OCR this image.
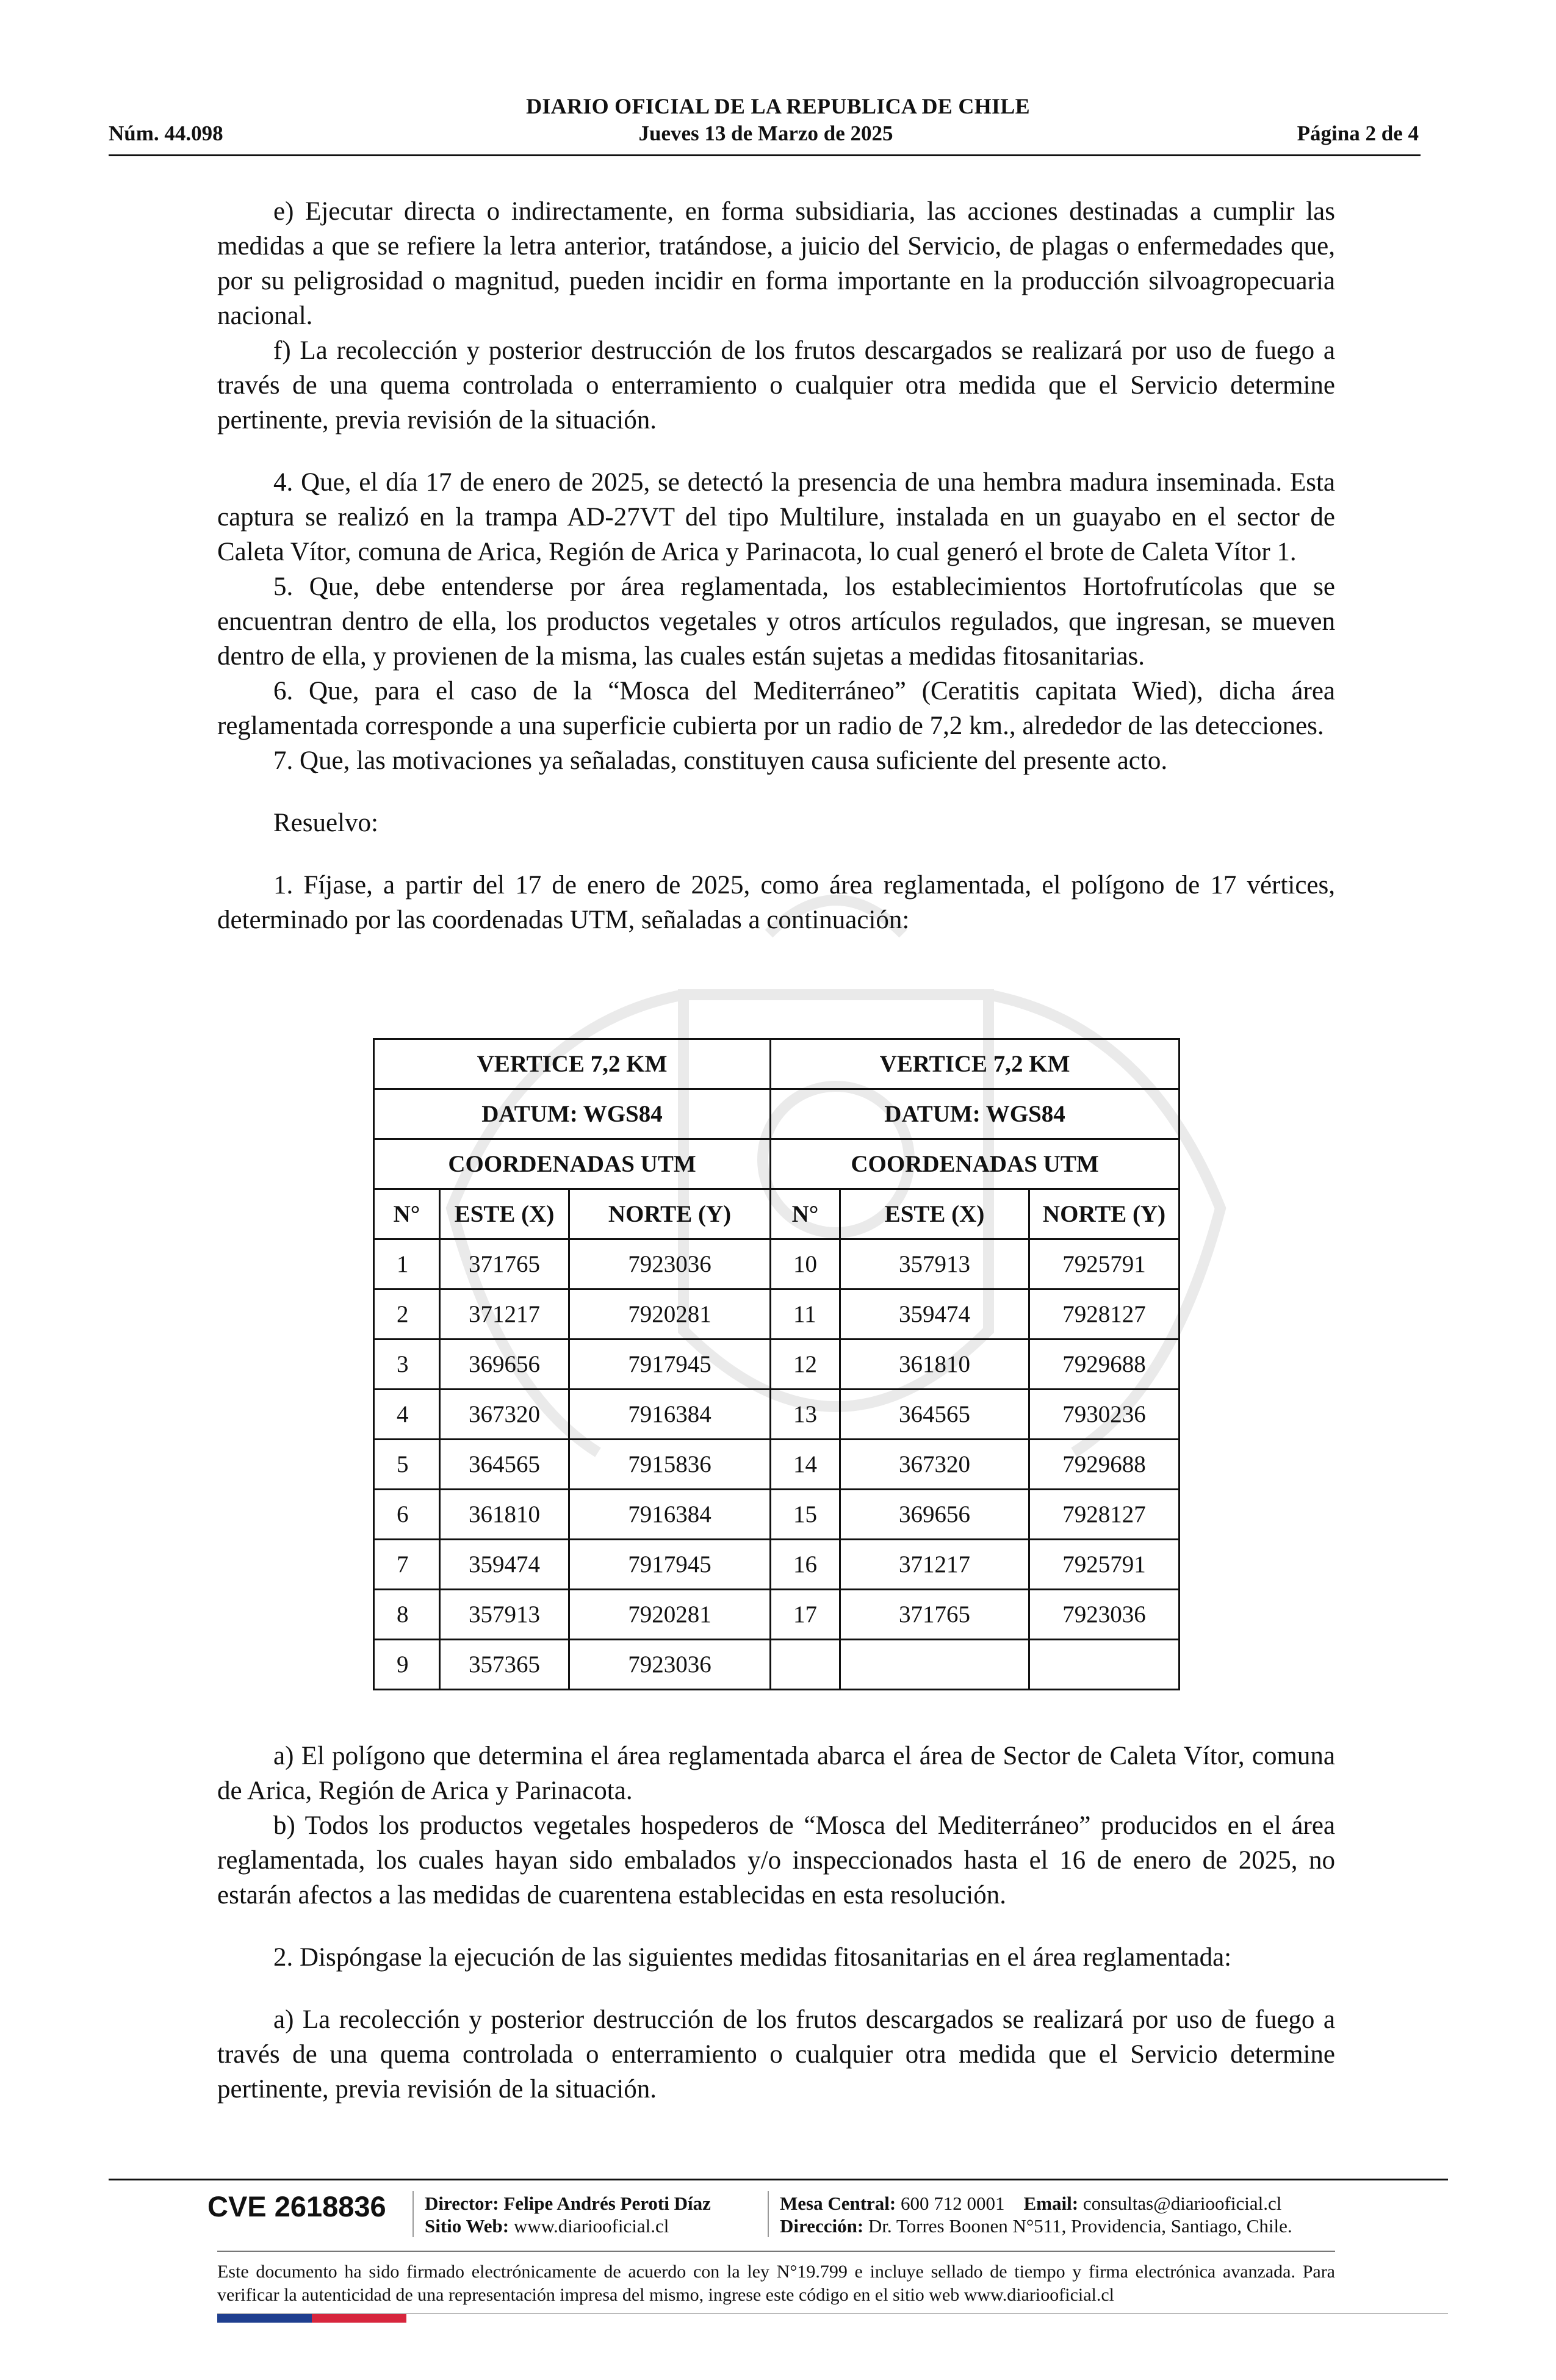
DIARIO OFICIAL DE LA REPUBLICA DE CHILE
Núm. 44.098	Jueves 13 de Marzo de 2025	Página 2 de 4

e) Ejecutar directa o indirectamente, en forma subsidiaria, las acciones destinadas a cumplir las medidas a que se refiere la letra anterior, tratándose, a juicio del Servicio, de plagas o enfermedades que, por su peligrosidad o magnitud, pueden incidir en forma importante en la producción silvoagropecuaria nacional.

f) La recolección y posterior destrucción de los frutos descargados se realizará por uso de fuego a través de una quema controlada o enterramiento o cualquier otra medida que el Servicio determine pertinente, previa revisión de la situación.

4. Que, el día 17 de enero de 2025, se detectó la presencia de una hembra madura inseminada. Esta captura se realizó en la trampa AD-27VT del tipo Multilure, instalada en un guayabo en el sector de Caleta Vítor, comuna de Arica, Región de Arica y Parinacota, lo cual generó el brote de Caleta Vítor 1.

5. Que, debe entenderse por área reglamentada, los establecimientos Hortofrutícolas que se encuentran dentro de ella, los productos vegetales y otros artículos regulados, que ingresan, se mueven dentro de ella, y provienen de la misma, las cuales están sujetas a medidas fitosanitarias.

6. Que, para el caso de la “Mosca del Mediterráneo” (Ceratitis capitata Wied), dicha área reglamentada corresponde a una superficie cubierta por un radio de 7,2 km., alrededor de las detecciones.

7. Que, las motivaciones ya señaladas, constituyen causa suficiente del presente acto.

Resuelvo:

1. Fíjase, a partir del 17 de enero de 2025, como área reglamentada, el polígono de 17 vértices, determinado por las coordenadas UTM, señaladas a continuación:

VERTICE 7,2 KM			VERTICE 7,2 KM		
DATUM: WGS84			DATUM: WGS84		
COORDENADAS UTM			COORDENADAS UTM		
N°	ESTE (X)	NORTE (Y)	N°	ESTE (X)	NORTE (Y)
1	371765	7923036	10	357913	7925791
2	371217	7920281	11	359474	7928127
3	369656	7917945	12	361810	7929688
4	367320	7916384	13	364565	7930236
5	364565	7915836	14	367320	7929688
6	361810	7916384	15	369656	7928127
7	359474	7917945	16	371217	7925791
8	357913	7920281	17	371765	7923036
9	357365	7923036			

a) El polígono que determina el área reglamentada abarca el área de Sector de Caleta Vítor, comuna de Arica, Región de Arica y Parinacota.

b) Todos los productos vegetales hospederos de “Mosca del Mediterráneo” producidos en el área reglamentada, los cuales hayan sido embalados y/o inspeccionados hasta el 16 de enero de 2025, no estarán afectos a las medidas de cuarentena establecidas en esta resolución.

2. Dispóngase la ejecución de las siguientes medidas fitosanitarias en el área reglamentada:

a) La recolección y posterior destrucción de los frutos descargados se realizará por uso de fuego a través de una quema controlada o enterramiento o cualquier otra medida que el Servicio determine pertinente, previa revisión de la situación.

CVE 2618836 Director: Felipe Andrés Peroti Díaz
Sitio Web: www.diariooficial.cl
Mesa Central: 600 712 0001 Email: consultas@diariooficial.cl
Dirección: Dr. Torres Boonen N°511, Providencia, Santiago, Chile.
Este documento ha sido firmado electrónicamente de acuerdo con la ley N°19.799 e incluye sellado de tiempo y firma electrónica avanzada. Para verificar la autenticidad de una representación impresa del mismo, ingrese este código en el sitio web www.diariooficial.cl
